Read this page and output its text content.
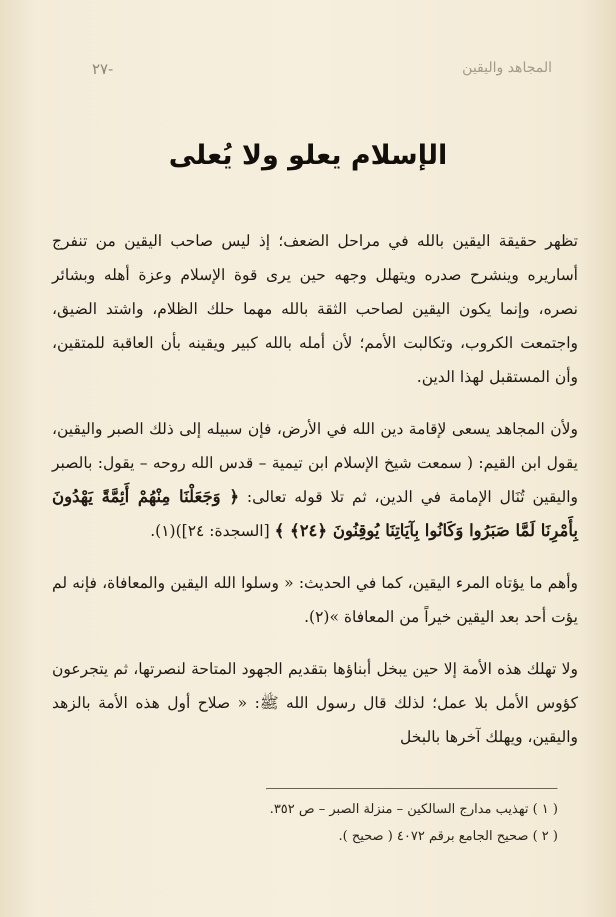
٢٧-	المجاهد واليقين
الإسلام يعلو ولا يُعلى

تظهر حقيقة اليقين بالله في مراحل الضعف؛ إذ ليس صاحب اليقين من تنفرج أساريره وينشرح صدره ويتهلل وجهه حين يرى قوة الإسلام وعزة أهله وبشائر نصره، وإنما يكون اليقين لصاحب الثقة بالله مهما حلك الظلام، واشتد الضيق، واجتمعت الكروب، وتكالبت الأمم؛ لأن أمله بالله كبير ويقينه بأن العاقبة للمتقين، وأن المستقبل لهذا الدين.

ولأن المجاهد يسعى لإقامة دين الله في الأرض، فإن سبيله إلى ذلك الصبر واليقين، يقول ابن القيم: ( سمعت شيخ الإسلام ابن تيمية – قدس الله روحه – يقول: بالصبر واليقين تُنَال الإمامة في الدين، ثم تلا قوله تعالى: ﴿ وَجَعَلْنَا مِنْهُمْ أَئِمَّةً يَهْدُونَ بِأَمْرِنَا لَمَّا صَبَرُوا وَكَانُوا بِآيَاتِنَا يُوقِنُونَ ﴿٢٤﴾ ﴾ [السجدة: ٢٤])(١).

وأهم ما يؤتاه المرء اليقين، كما في الحديث: « وسلوا الله اليقين والمعافاة، فإنه لم يؤت أحد بعد اليقين خيراً من المعافاة »(٢).

ولا تهلك هذه الأمة إلا حين يبخل أبناؤها بتقديم الجهود المتاحة لنصرتها، ثم يتجرعون كؤوس الأمل بلا عمل؛ لذلك قال رسول الله ﷺ: « صلاح أول هذه الأمة بالزهد واليقين، ويهلك آخرها بالبخل

( ١ ) تهذيب مدارج السالكين – منزلة الصبر – ص ٣٥٢.

( ٢ ) صحيح الجامع برقم ٤٠٧٢ ( صحيح ).
